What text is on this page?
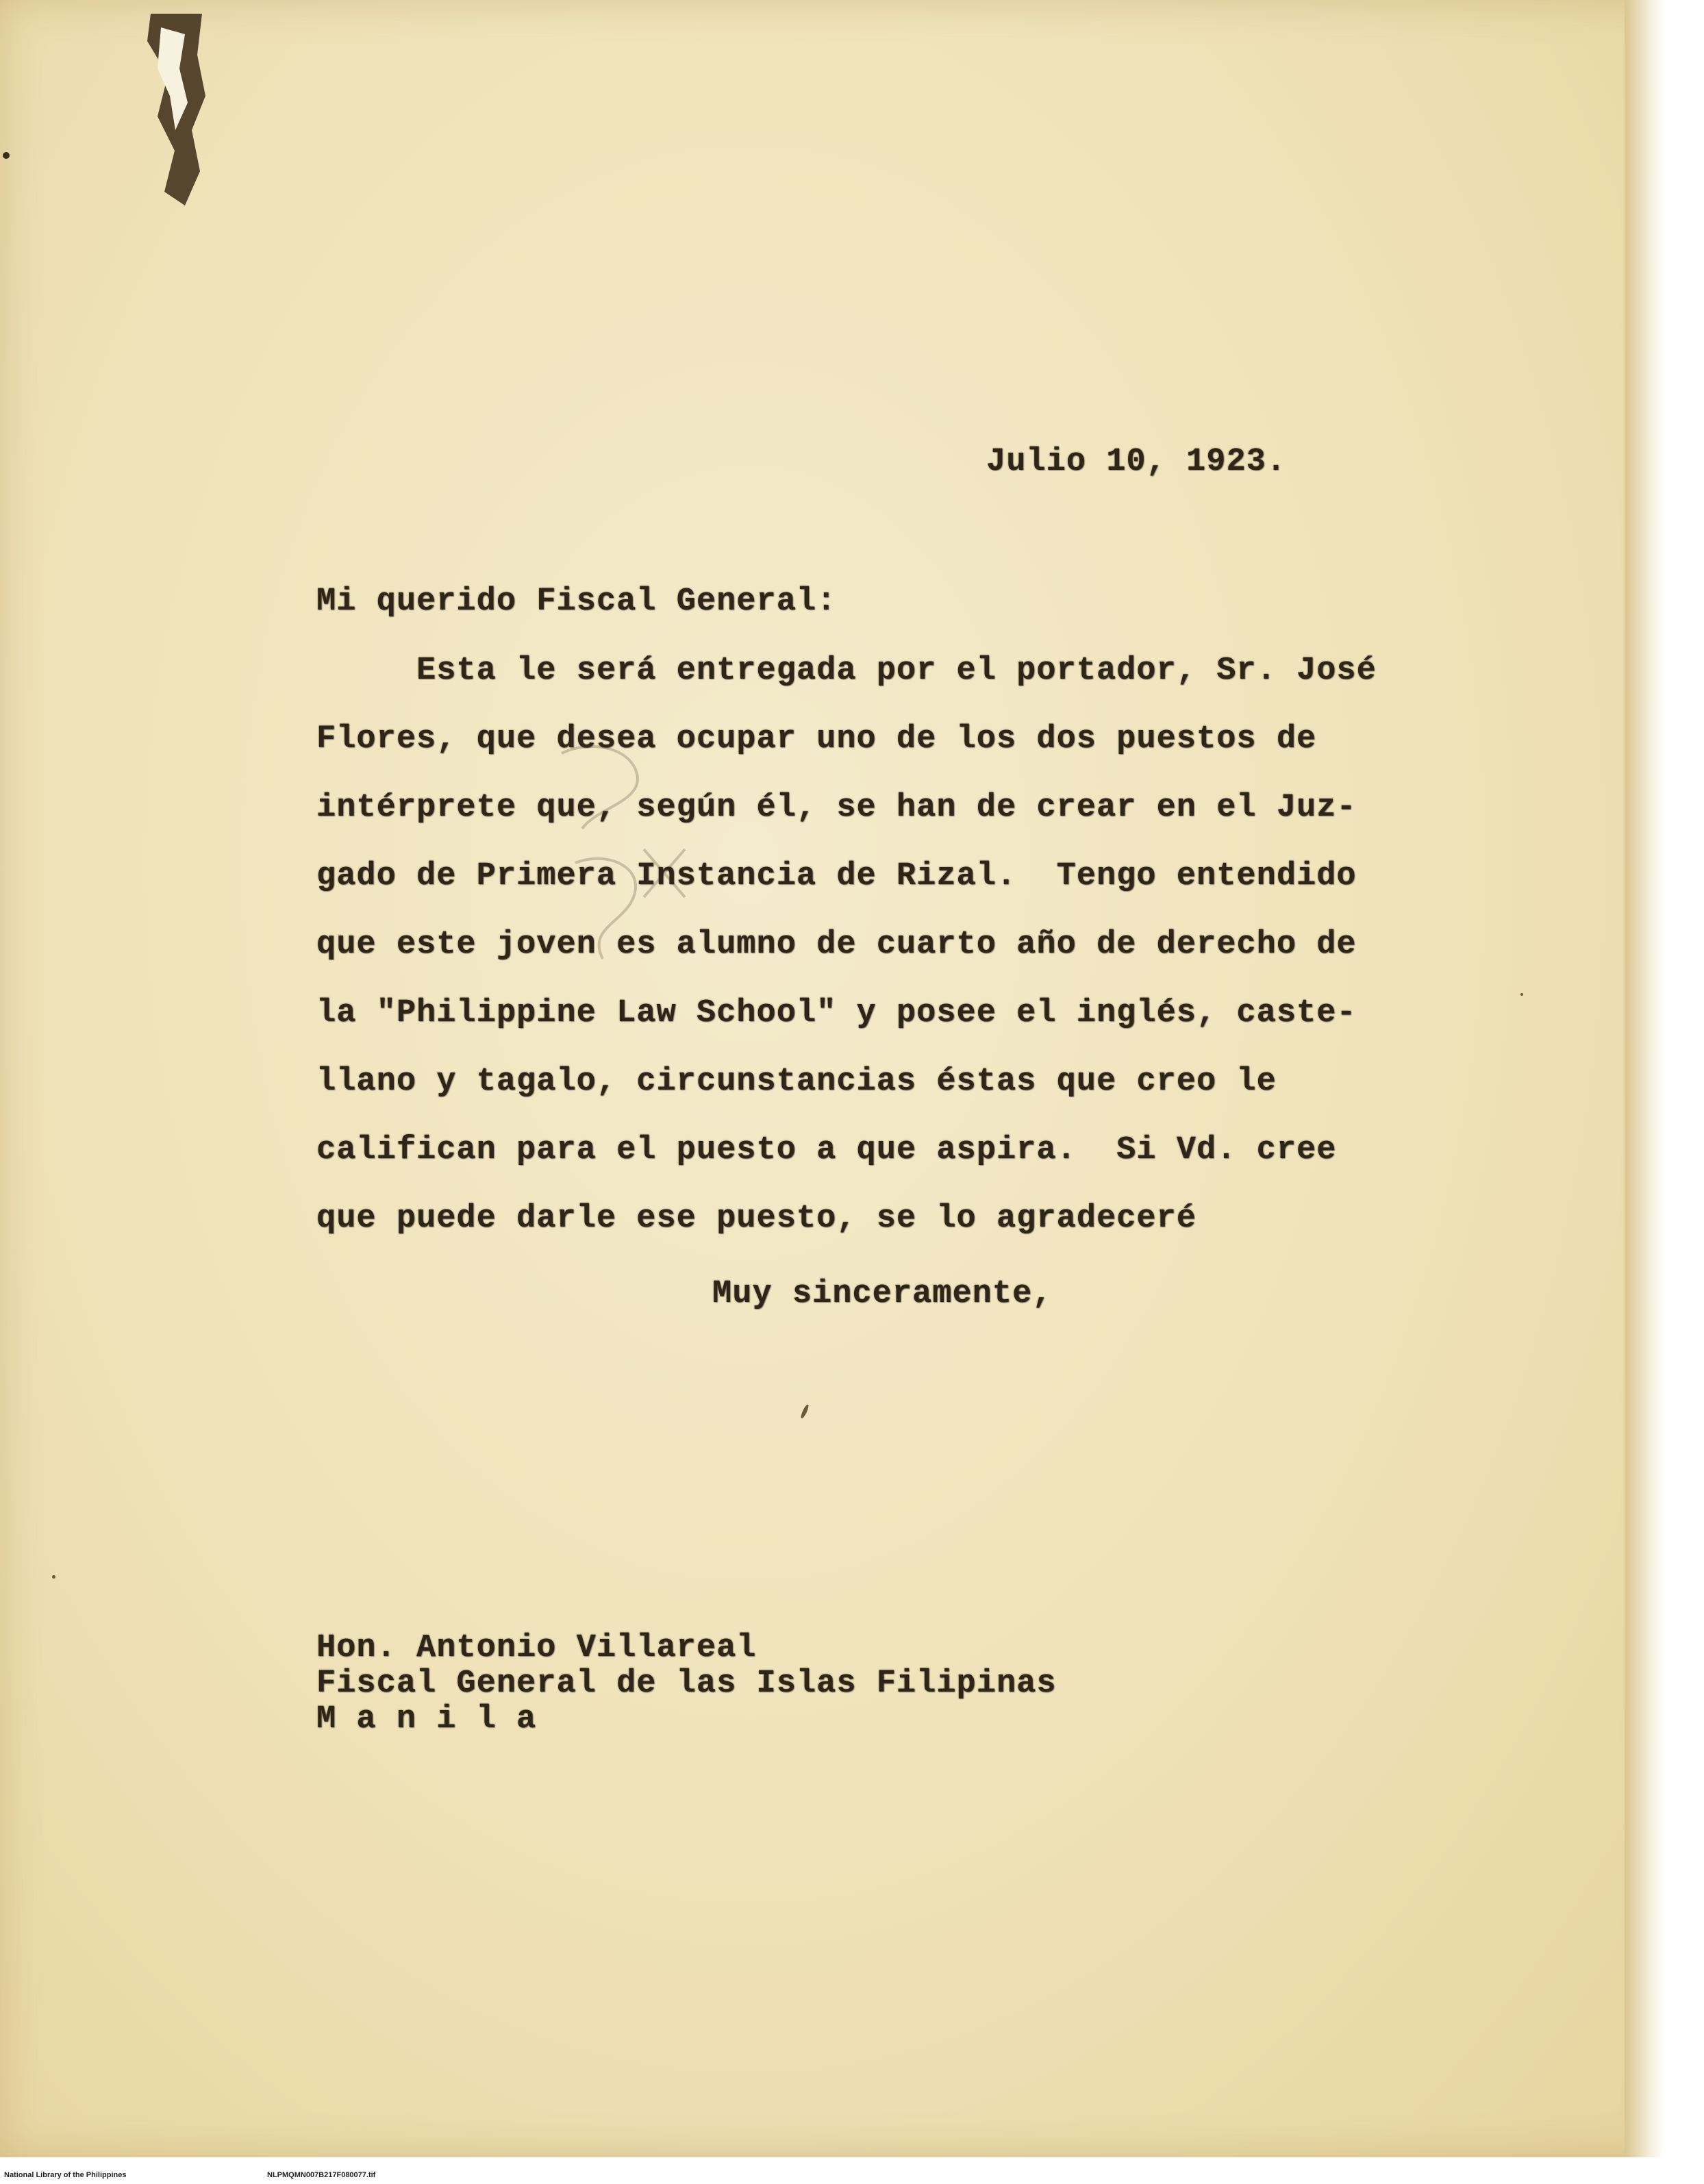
Julio 10, 1923.
Mi querido Fiscal General:
Esta le será entregada por el portador, Sr. José
Flores, que desea ocupar uno de los dos puestos de
intérprete que, según él, se han de crear en el Juz-
gado de Primera Instancia de Rizal.  Tengo entendido
que este joven es alumno de cuarto año de derecho de
la "Philippine Law School" y posee el inglés, caste-
llano y tagalo, circunstancias éstas que creo le
califican para el puesto a que aspira.  Si Vd. cree
que puede darle ese puesto, se lo agradeceré
Muy sinceramente,
Hon. Antonio Villareal
Fiscal General de las Islas Filipinas
M a n i l a
National Library of the Philippines	NLPMQMN007B217F080077.tif
